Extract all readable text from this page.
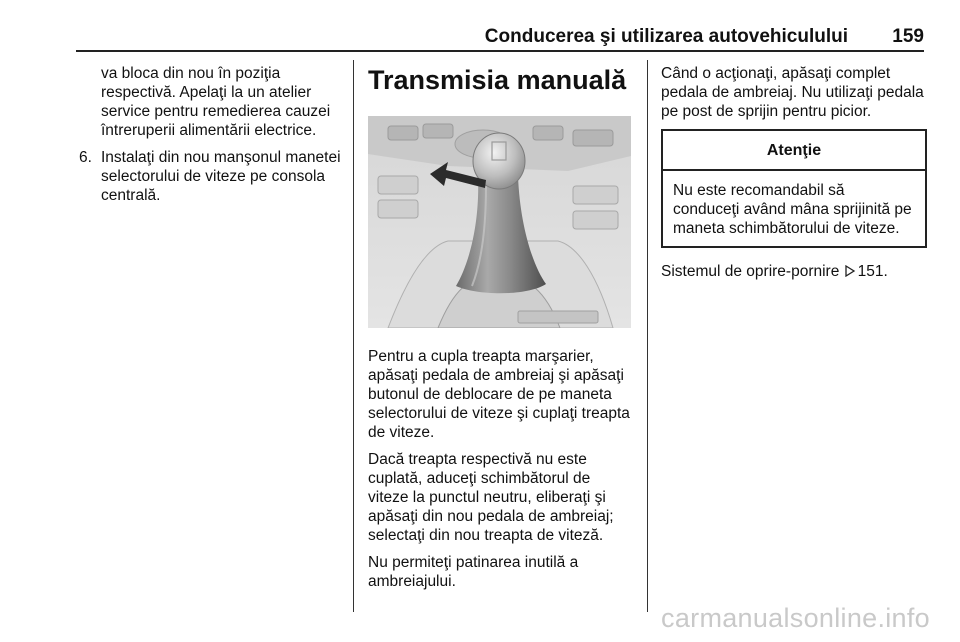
Conducerea şi utilizarea autovehiculului 159

va bloca din nou în poziţia respectivă. Apelaţi la un atelier service pentru remedierea cauzei întreruperii alimentării electrice.

6. Instalaţi din nou manşonul manetei selectorului de viteze pe consola centrală.

Transmisia manuală

Pentru a cupla treapta marşarier, apăsaţi pedala de ambreiaj şi apăsaţi butonul de deblocare de pe maneta selectorului de viteze şi cuplaţi treapta de viteze.

Dacă treapta respectivă nu este cuplată, aduceţi schimbătorul de viteze la punctul neutru, eliberaţi şi apăsaţi din nou pedala de ambreiaj; selectaţi din nou treapta de viteză.

Nu permiteţi patinarea inutilă a ambreiajului.

Când o acţionaţi, apăsaţi complet pedala de ambreiaj. Nu utilizaţi pedala pe post de sprijin pentru picior.

Atenţie
Nu este recomandabil să conduceţi având mâna sprijinită pe maneta schimbătorului de viteze.

Sistemul de oprire-pornire 151.

carmanualsonline.info
